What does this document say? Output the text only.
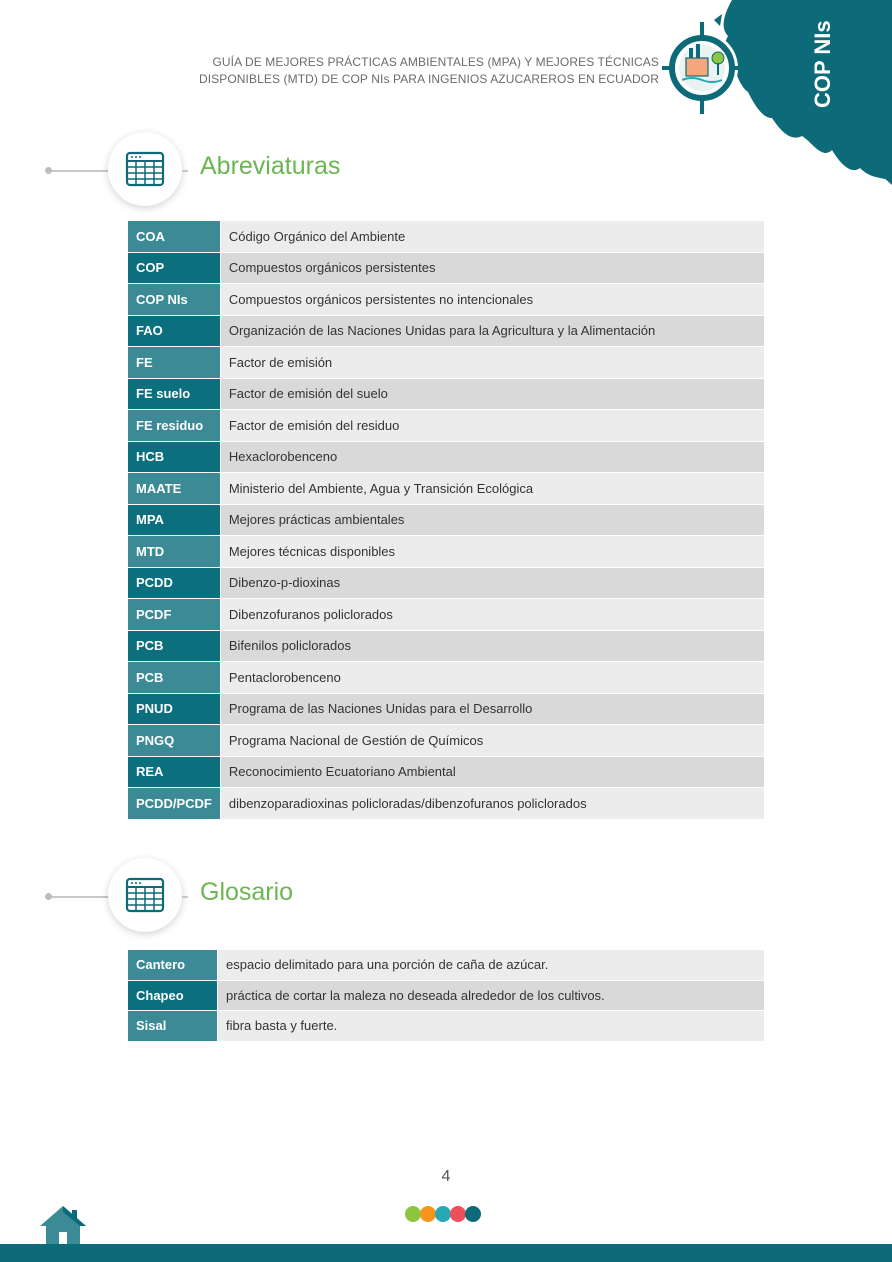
GUÍA DE MEJORES PRÁCTICAS AMBIENTALES (MPA) Y MEJORES TÉCNICAS
DISPONIBLES (MTD) DE COP NIs PARA INGENIOS AZUCAREROS EN ECUADOR	COP NIs
Abreviaturas
COA	Código Orgánico del Ambiente
COP	Compuestos orgánicos persistentes
COP NIs	Compuestos orgánicos persistentes no intencionales
FAO	Organización de las Naciones Unidas para la Agricultura y la Alimentación
FE	Factor de emisión
FE suelo	Factor de emisión del suelo
FE residuo	Factor de emisión del residuo
HCB	Hexaclorobenceno
MAATE	Ministerio del Ambiente, Agua y Transición Ecológica
MPA	Mejores prácticas ambientales
MTD	Mejores técnicas disponibles
PCDD	Dibenzo-p-dioxinas
PCDF	Dibenzofuranos policlorados
PCB	Bifenilos policlorados
PCB	Pentaclorobenceno
PNUD	Programa de las Naciones Unidas para el Desarrollo
PNGQ	Programa Nacional de Gestión de Químicos
REA	Reconocimiento Ecuatoriano Ambiental
PCDD/PCDF	dibenzoparadioxinas policloradas/dibenzofuranos policlorados
Glosario
Cantero	espacio delimitado para una porción de caña de azúcar.
Chapeo	práctica de cortar la maleza no deseada alrededor de los cultivos.
Sisal	fibra basta y fuerte.
4
